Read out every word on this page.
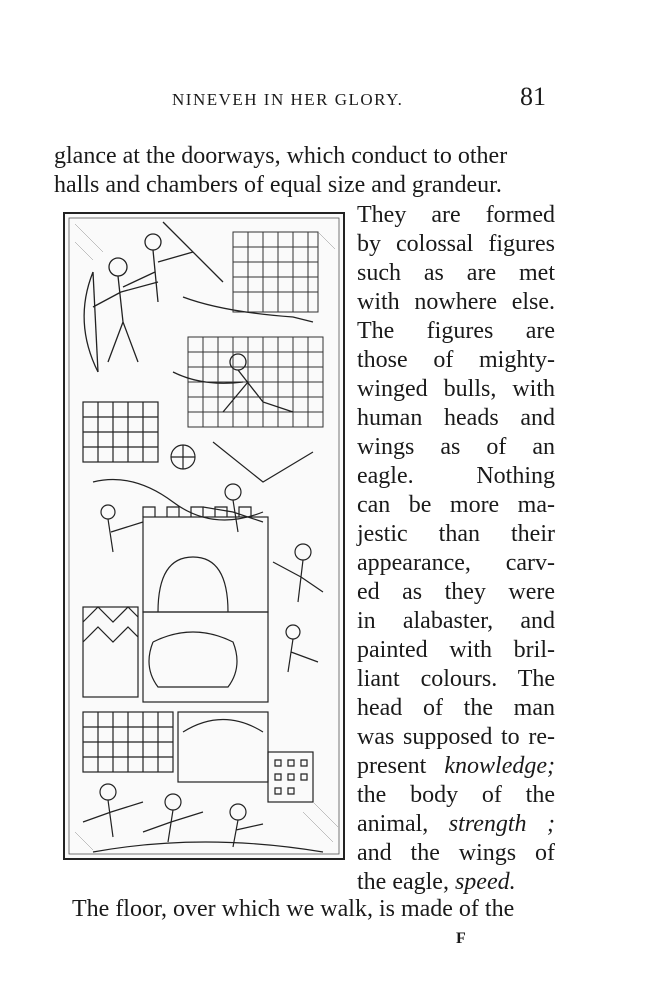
NINEVEH IN HER GLORY.	81
glance at the doorways, which conduct to other
halls and chambers of equal size and grandeur.
They are formed
by colossal figures
such as are met
with nowhere else.
The figures are
those of mighty-
winged bulls, with
human heads and
wings as of an
eagle. Nothing
can be more ma-
jestic than their
appearance, carv-
ed as they were
in alabaster, and
painted with bril-
liant colours. The
head of the man
was supposed to re-
present knowledge;
the body of the
animal, strength ;
and the wings of
the eagle, speed.
The floor, over which we walk, is made of the
F
